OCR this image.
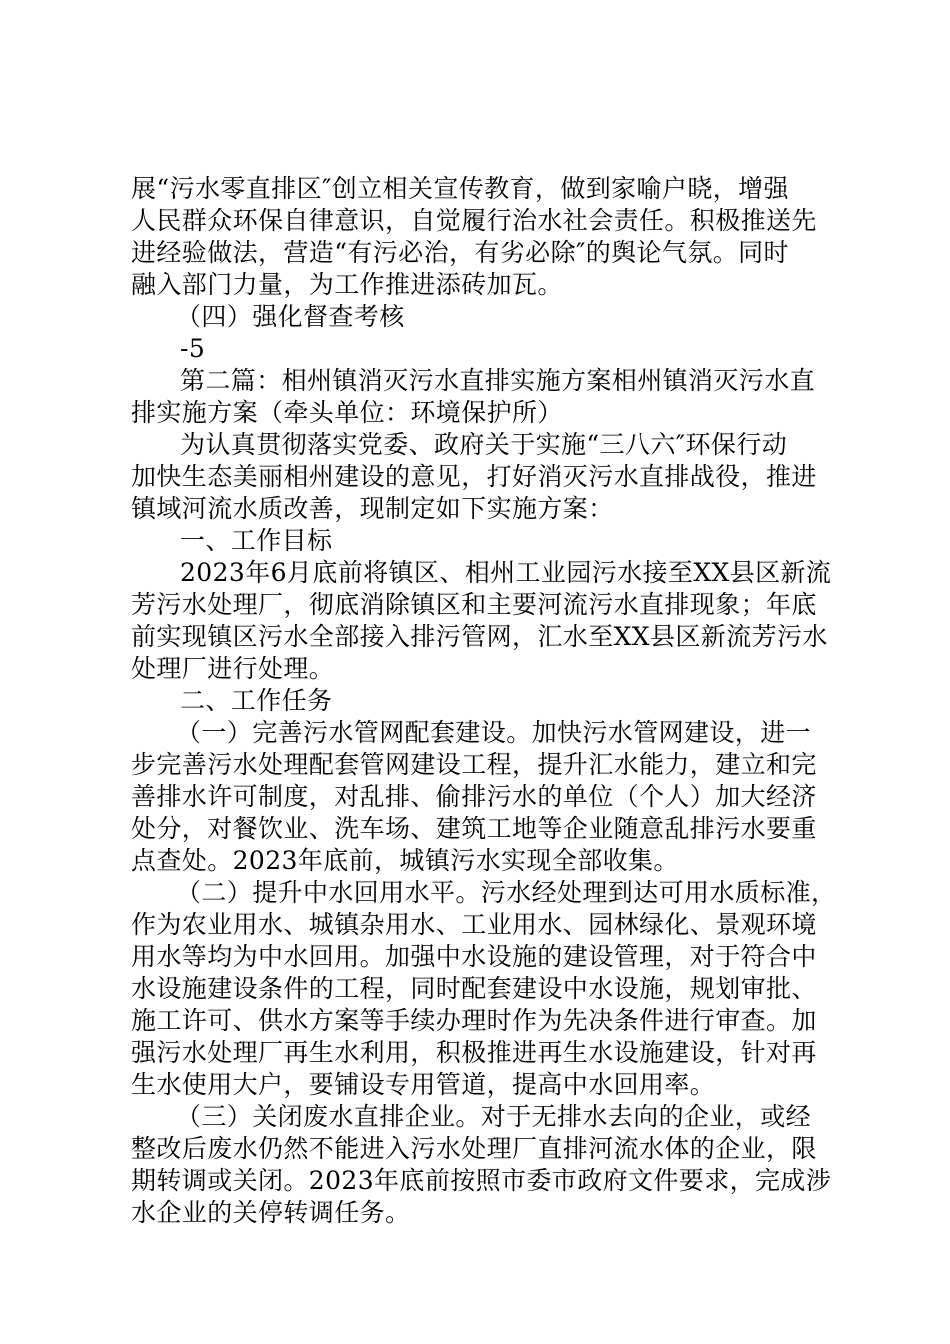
展“污水零直排区″创立相关宣传教育，做到家喻户晓，增强

人民群众环保自律意识，自觉履行治水社会责任。积极推送先

进经验做法，营造“有污必治，有劣必除″的舆论气氛。同时

融入部门力量，为工作推进添砖加瓦。

（四）强化督查考核

-5

第二篇：相州镇消灭污水直排实施方案相州镇消灭污水直

排实施方案（牵头单位：环境保护所）

为认真贯彻落实党委、政府关于实施“三八六″环保行动

加快生态美丽相州建设的意见，打好消灭污水直排战役，推进

镇域河流水质改善，现制定如下实施方案：

一、工作目标

2023年6月底前将镇区、相州工业园污水接至XX县区新流

芳污水处理厂，彻底消除镇区和主要河流污水直排现象；年底

前实现镇区污水全部接入排污管网，汇水至XX县区新流芳污水

处理厂进行处理。

二、工作任务

（一）完善污水管网配套建设。加快污水管网建设，进一

步完善污水处理配套管网建设工程，提升汇水能力，建立和完

善排水许可制度，对乱排、偷排污水的单位（个人）加大经济

处分，对餐饮业、洗车场、建筑工地等企业随意乱排污水要重

点查处。2023年底前，城镇污水实现全部收集。

（二）提升中水回用水平。污水经处理到达可用水质标准，

作为农业用水、城镇杂用水、工业用水、园林绿化、景观环境

用水等均为中水回用。加强中水设施的建设管理，对于符合中

水设施建设条件的工程，同时配套建设中水设施，规划审批、

施工许可、供水方案等手续办理时作为先决条件进行审查。加

强污水处理厂再生水利用，积极推进再生水设施建设，针对再

生水使用大户，要铺设专用管道，提高中水回用率。

（三）关闭废水直排企业。对于无排水去向的企业，或经

整改后废水仍然不能进入污水处理厂直排河流水体的企业，限

期转调或关闭。2023年底前按照市委市政府文件要求，完成涉

水企业的关停转调任务。
